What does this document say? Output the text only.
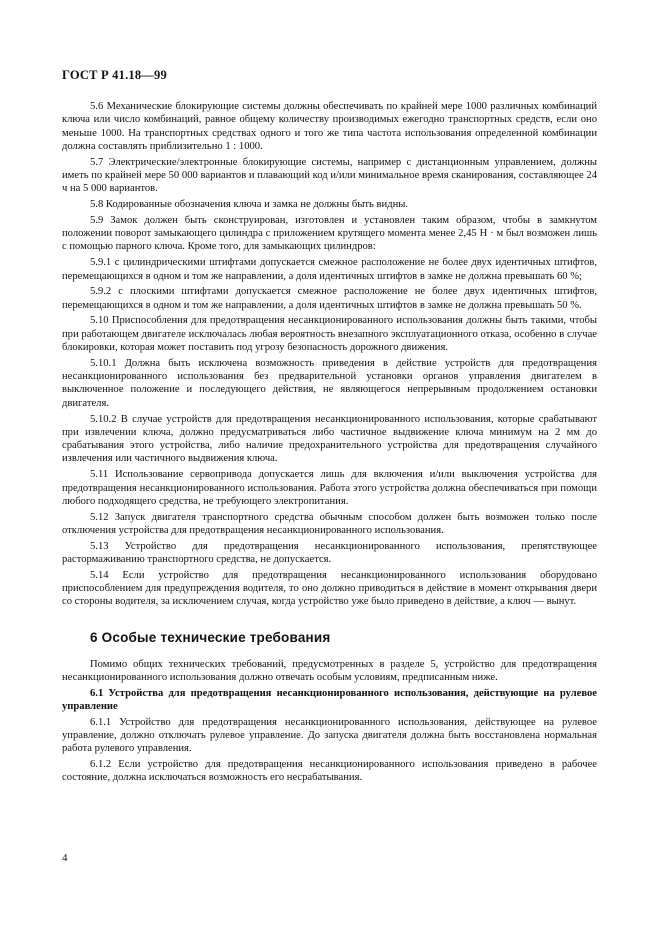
ГОСТ Р 41.18—99

5.6 Механические блокирующие системы должны обеспечивать по крайней мере 1000 различных комбинаций ключа или число комбинаций, равное общему количеству производимых ежегодно транспортных средств, если оно меньше 1000. На транспортных средствах одного и того же типа частота использования определенной комбинации должна составлять приблизительно 1 : 1000.

5.7 Электрические/электронные блокирующие системы, например с дистанционным управлением, должны иметь по крайней мере 50 000 вариантов и плавающий код и/или минимальное время сканирования, составляющее 24 ч на 5 000 вариантов.

5.8 Кодированные обозначения ключа и замка не должны быть видны.

5.9 Замок должен быть сконструирован, изготовлен и установлен таким образом, чтобы в замкнутом положении поворот замыкающего цилиндра с приложением крутящего момента менее 2,45 Н · м был возможен лишь с помощью парного ключа. Кроме того, для замыкающих цилиндров:

5.9.1 с цилиндрическими штифтами допускается смежное расположение не более двух идентичных штифтов, перемещающихся в одном и том же направлении, а доля идентичных штифтов в замке не должна превышать 60 %;

5.9.2 с плоскими штифтами допускается смежное расположение не более двух идентичных штифтов, перемещающихся в одном и том же направлении, а доля идентичных штифтов в замке не должна превышать 50 %.

5.10 Приспособления для предотвращения несанкционированного использования должны быть такими, чтобы при работающем двигателе исключалась любая вероятность внезапного эксплуатационного отказа, особенно в случае блокировки, которая может поставить под угрозу безопасность дорожного движения.

5.10.1 Должна быть исключена возможность приведения в действие устройств для предотвращения несанкционированного использования без предварительной установки органов управления двигателем в выключенное положение и последующего действия, не являющегося непрерывным продолжением остановки двигателя.

5.10.2 В случае устройств для предотвращения несанкционированного использования, которые срабатывают при извлечении ключа, должно предусматриваться либо частичное выдвижение ключа минимум на 2 мм до срабатывания этого устройства, либо наличие предохранительного устройства для предотвращения случайного извлечения или частичного выдвижения ключа.

5.11 Использование сервопривода допускается лишь для включения и/или выключения устройства для предотвращения несанкционированного использования. Работа этого устройства должна обеспечиваться при помощи любого подходящего средства, не требующего электропитания.

5.12 Запуск двигателя транспортного средства обычным способом должен быть возможен только после отключения устройства для предотвращения несанкционированного использования.

5.13 Устройство для предотвращения несанкционированного использования, препятствующее растормаживанию транспортного средства, не допускается.

5.14 Если устройство для предотвращения несанкционированного использования оборудовано приспособлением для предупреждения водителя, то оно должно приводиться в действие в момент открывания двери со стороны водителя, за исключением случая, когда устройство уже было приведено в действие, а ключ — вынут.

6 Особые технические требования

Помимо общих технических требований, предусмотренных в разделе 5, устройство для предотвращения несанкционированного использования должно отвечать особым условиям, предписанным ниже.

6.1 Устройства для предотвращения несанкционированного использования, действующие на рулевое управление

6.1.1 Устройство для предотвращения несанкционированного использования, действующее на рулевое управление, должно отключать рулевое управление. До запуска двигателя должна быть восстановлена нормальная работа рулевого управления.

6.1.2 Если устройство для предотвращения несанкционированного использования приведено в рабочее состояние, должна исключаться возможность его несрабатывания.

4
